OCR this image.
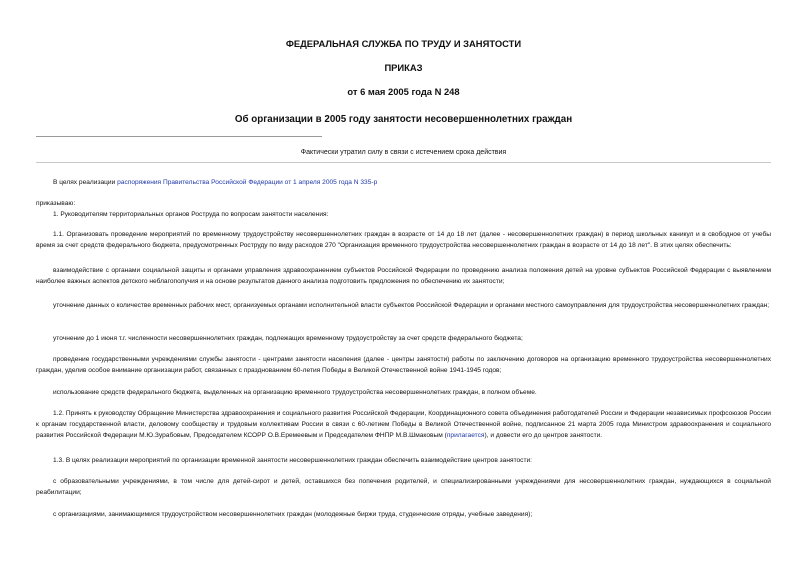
ФЕДЕРАЛЬНАЯ СЛУЖБА ПО ТРУДУ И ЗАНЯТОСТИ
ПРИКАЗ
от 6 мая 2005 года N 248
Об организации в 2005 году занятости несовершеннолетних граждан
Фактически утратил силу в связи с истечением срока действия

В целях реализации распоряжения Правительства Российской Федерации от 1 апреля 2005 года N 335-р

приказываю:

1. Руководителям территориальных органов Роструда по вопросам занятости населения:

1.1. Организовать проведение мероприятий по временному трудоустройству несовершеннолетних граждан в возрасте от 14 до 18 лет (далее - несовершеннолетних граждан) в период школьных каникул и в свободное от учебы время за счет средств федерального бюджета, предусмотренных Роструду по виду расходов 270 "Организация временного трудоустройства несовершеннолетних граждан в возрасте от 14 до 18 лет". В этих целях обеспечить:

взаимодействие с органами социальной защиты и органами управления здравоохранением субъектов Российской Федерации по проведению анализа положения детей на уровне субъектов Российской Федерации с выявлением наиболее важных аспектов детского неблагополучия и на основе результатов данного анализа подготовить предложения по обеспечению их занятости;

уточнение данных о количестве временных рабочих мест, организуемых органами исполнительной власти субъектов Российской Федерации и органами местного самоуправления для трудоустройства несовершеннолетних граждан;

уточнение до 1 июня т.г. численности несовершеннолетних граждан, подлежащих временному трудоустройству за счет средств федерального бюджета;

проведение государственными учреждениями службы занятости - центрами занятости населения (далее - центры занятости) работы по заключению договоров на организацию временного трудоустройства несовершеннолетних граждан, уделив особое внимание организации работ, связанных с празднованием 60-летия Победы в Великой Отечественной войне 1941-1945 годов;

использование средств федерального бюджета, выделенных на организацию временного трудоустройства несовершеннолетних граждан, в полном объеме.

1.2. Принять к руководству Обращение Министерства здравоохранения и социального развития Российской Федерации, Координационного совета объединения работодателей России и Федерации независимых профсоюзов России к органам государственной власти, деловому сообществу и трудовым коллективам России в связи с 60-летием Победы в Великой Отечественной войне, подписанное 21 марта 2005 года Министром здравоохранения и социального развития Российской Федерации М.Ю.Зурабовым, Председателем КСОРР О.В.Еремеевым и Председателем ФНПР М.В.Шмаковым (прилагается), и довести его до центров занятости.

1.3. В целях реализации мероприятий по организации временной занятости несовершеннолетних граждан обеспечить взаимодействие центров занятости:

с образовательными учреждениями, в том числе для детей-сирот и детей, оставшихся без попечения родителей, и специализированными учреждениями для несовершеннолетних граждан, нуждающихся в социальной реабилитации;

с организациями, занимающимися трудоустройством несовершеннолетних граждан (молодежные биржи труда, студенческие отряды, учебные заведения);
